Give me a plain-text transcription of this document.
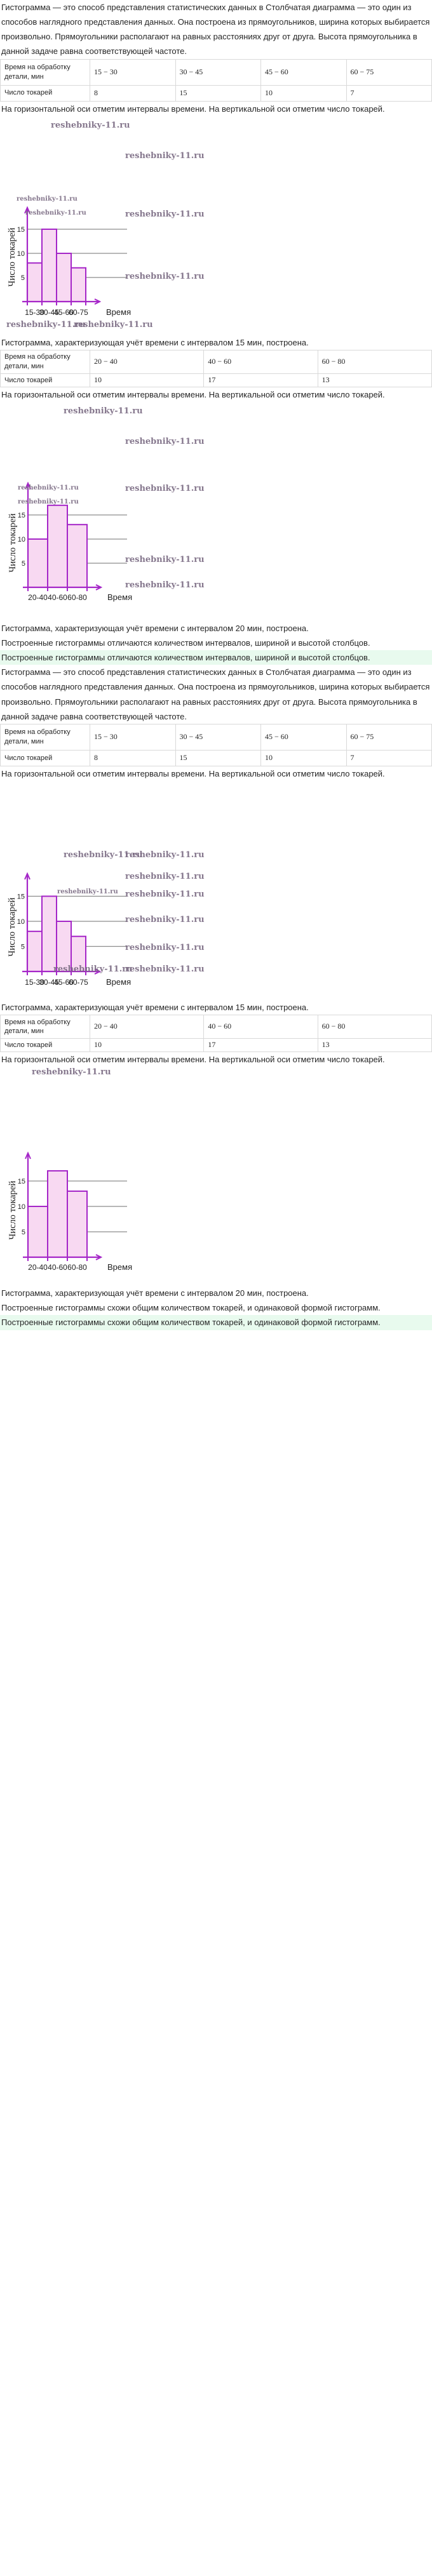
Гистограмма — это способ представления статистических данных в Столбчатая диаграмма — это один из способов наглядного представления данных. Она построена из прямоугольников, ширина которых выбирается произвольно. Прямоугольники располагают на равных расстояниях друг от друга. Высота прямоугольника в данной задаче равна соответствующей частоте.

Время на обработку детали, мин	15 − 30	30 − 45	45 − 60	60 − 75
Число токарей	8	15	10	7

На горизонтальной оси отметим интервалы времени. На вертикальной оси отметим число токарей.

5
10
15
15-30
30-45
45-60
60-75 Время
Число токарей
reshebniky-11.ru
reshebniky-11.ru
reshebniky-11.ru
reshebniky-11.ru
reshebniky-11.ru
reshebniky-11.ru
reshebniky-11.ru
reshebniky-11.ru

Гистограмма, характеризующая учёт времени с интервалом 15 мин, построена.

Время на обработку детали, мин	20 − 40	40 − 60	60 − 80
Число токарей	10	17	13

На горизонтальной оси отметим интервалы времени. На вертикальной оси отметим число токарей.

5
10
15
20-40 40-60 60-80 Время
Число токарей
reshebniky-11.ru
reshebniky-11.ru
reshebniky-11.ru
reshebniky-11.ru
reshebniky-11.ru
reshebniky-11.ru
reshebniky-11.ru

Гистограмма, характеризующая учёт времени с интервалом 20 мин, построена.

Построенные гистограммы отличаются количеством интервалов, шириной и высотой столбцов.

Построенные гистограммы отличаются количеством интервалов, шириной и высотой столбцов.

Гистограмма — это способ представления статистических данных в Столбчатая диаграмма — это один из способов наглядного представления данных. Она построена из прямоугольников, ширина которых выбирается произвольно. Прямоугольники располагают на равных расстояниях друг от друга. Высота прямоугольника в данной задаче равна соответствующей частоте.

Время на обработку детали, мин	15 − 30	30 − 45	45 − 60	60 − 75
Число токарей	8	15	10	7

На горизонтальной оси отметим интервалы времени. На вертикальной оси отметим число токарей.

5
10
15
15-30
30-45
45-60
60-75 Время
Число токарей
reshebniky-11.ru
reshebniky-11.ru
reshebniky-11.ru
reshebniky-11.ru reshebniky-11.ru
reshebniky-11.ru
reshebniky-11.ru
reshebniky-11.ru
reshebniky-11.ru

Гистограмма, характеризующая учёт времени с интервалом 15 мин, построена.

Время на обработку детали, мин	20 − 40	40 − 60	60 − 80
Число токарей	10	17	13

На горизонтальной оси отметим интервалы времени. На вертикальной оси отметим число токарей.

5
10
15
20-40 40-60 60-80 Время
Число токарей
reshebniky-11.ru

Гистограмма, характеризующая учёт времени с интервалом 20 мин, построена.

Построенные гистограммы схожи общим количеством токарей, и одинаковой формой гистограмм.

Построенные гистограммы схожи общим количеством токарей, и одинаковой формой гистограмм.
